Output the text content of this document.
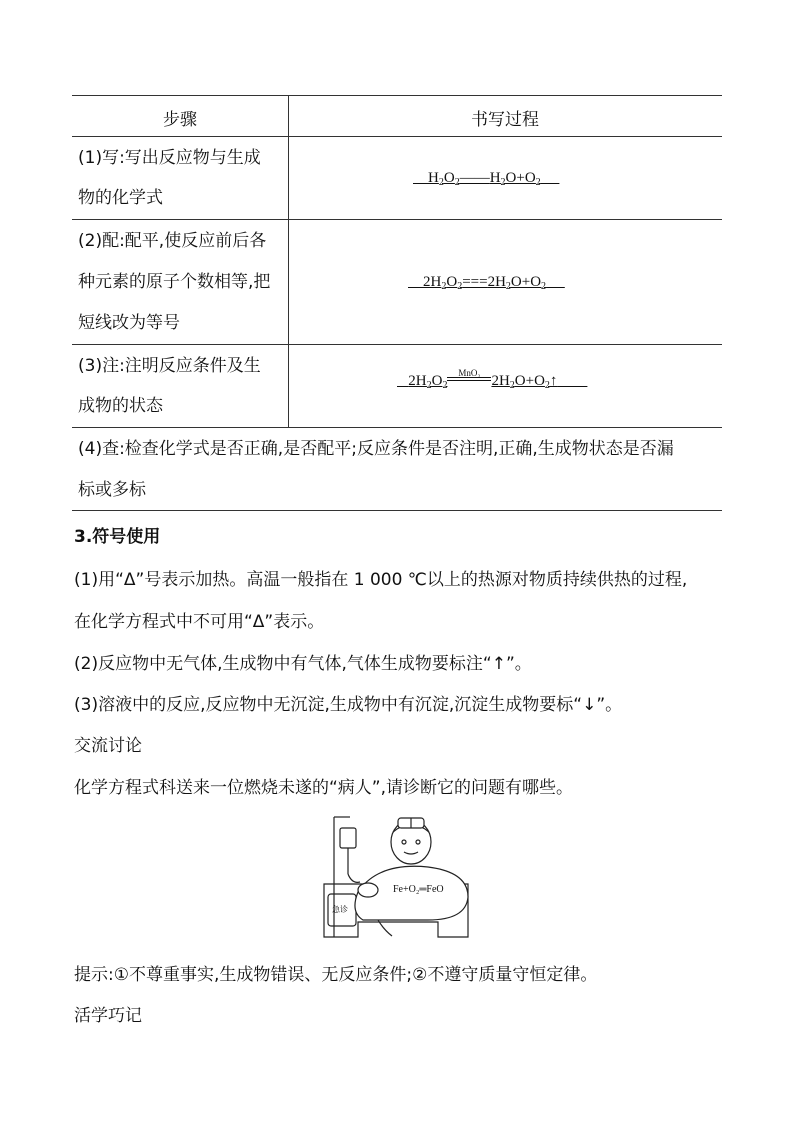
步骤	书写过程
(1)写:写出反应物与生成
物的化学式
$H_2O_2——H_2O+O_2$
(2)配:配平,使反应前后各
种元素的原子个数相等,把
短线改为等号
$2H_2O_2===2H_2O+O_2$
(3)注:注明反应条件及生
成物的状态
$2H_2O_2$
MnO₂ $2H_2O+O_2↑$
(4)查:检查化学式是否正确,是否配平;反应条件是否注明,正确,生成物状态是否漏
标或多标
3.符号使用
(1)用“Δ”号表示加热。高温一般指在 1 000 ℃以上的热源对物质持续供热的过程,
在化学方程式中不可用“Δ”表示。
(2)反应物中无气体,生成物中有气体,气体生成物要标注“↑”。
(3)溶液中的反应,反应物中无沉淀,生成物中有沉淀,沉淀生成物要标“↓”。
交流讨论
化学方程式科送来一位燃烧未遂的“病人”,请诊断它的问题有哪些。
Fe+O₂═FeO
急诊
提示:①不尊重事实,生成物错误、无反应条件;②不遵守质量守恒定律。
活学巧记
